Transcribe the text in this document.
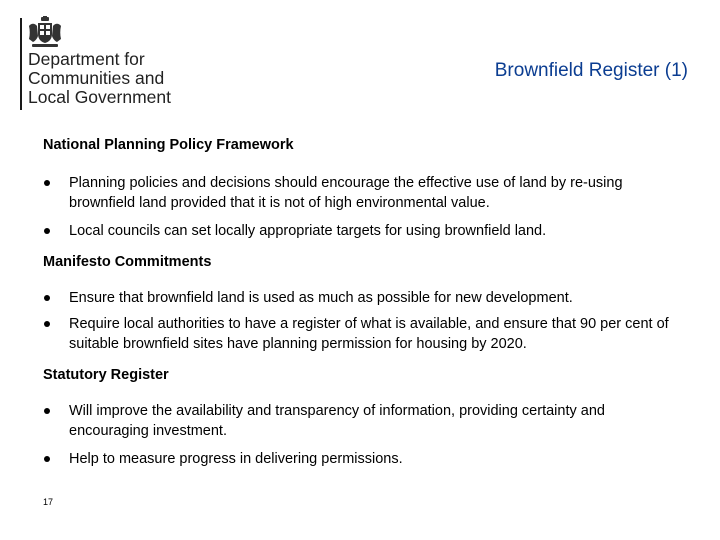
Department for
Communities and
Local Government
Brownfield Register (1)
National Planning Policy Framework
Planning policies and decisions should encourage the effective use of land by re-using brownfield land provided that it is not of high environmental value.
Local councils can set locally appropriate targets for using brownfield land.
Manifesto Commitments
Ensure that brownfield land is used as much as possible for new development.
Require local authorities to have a register of what is available, and ensure that 90 per cent of suitable brownfield sites have planning permission for housing by 2020.
Statutory Register
Will improve the availability and transparency of information, providing certainty and encouraging investment.
Help to measure progress in delivering permissions.
17
